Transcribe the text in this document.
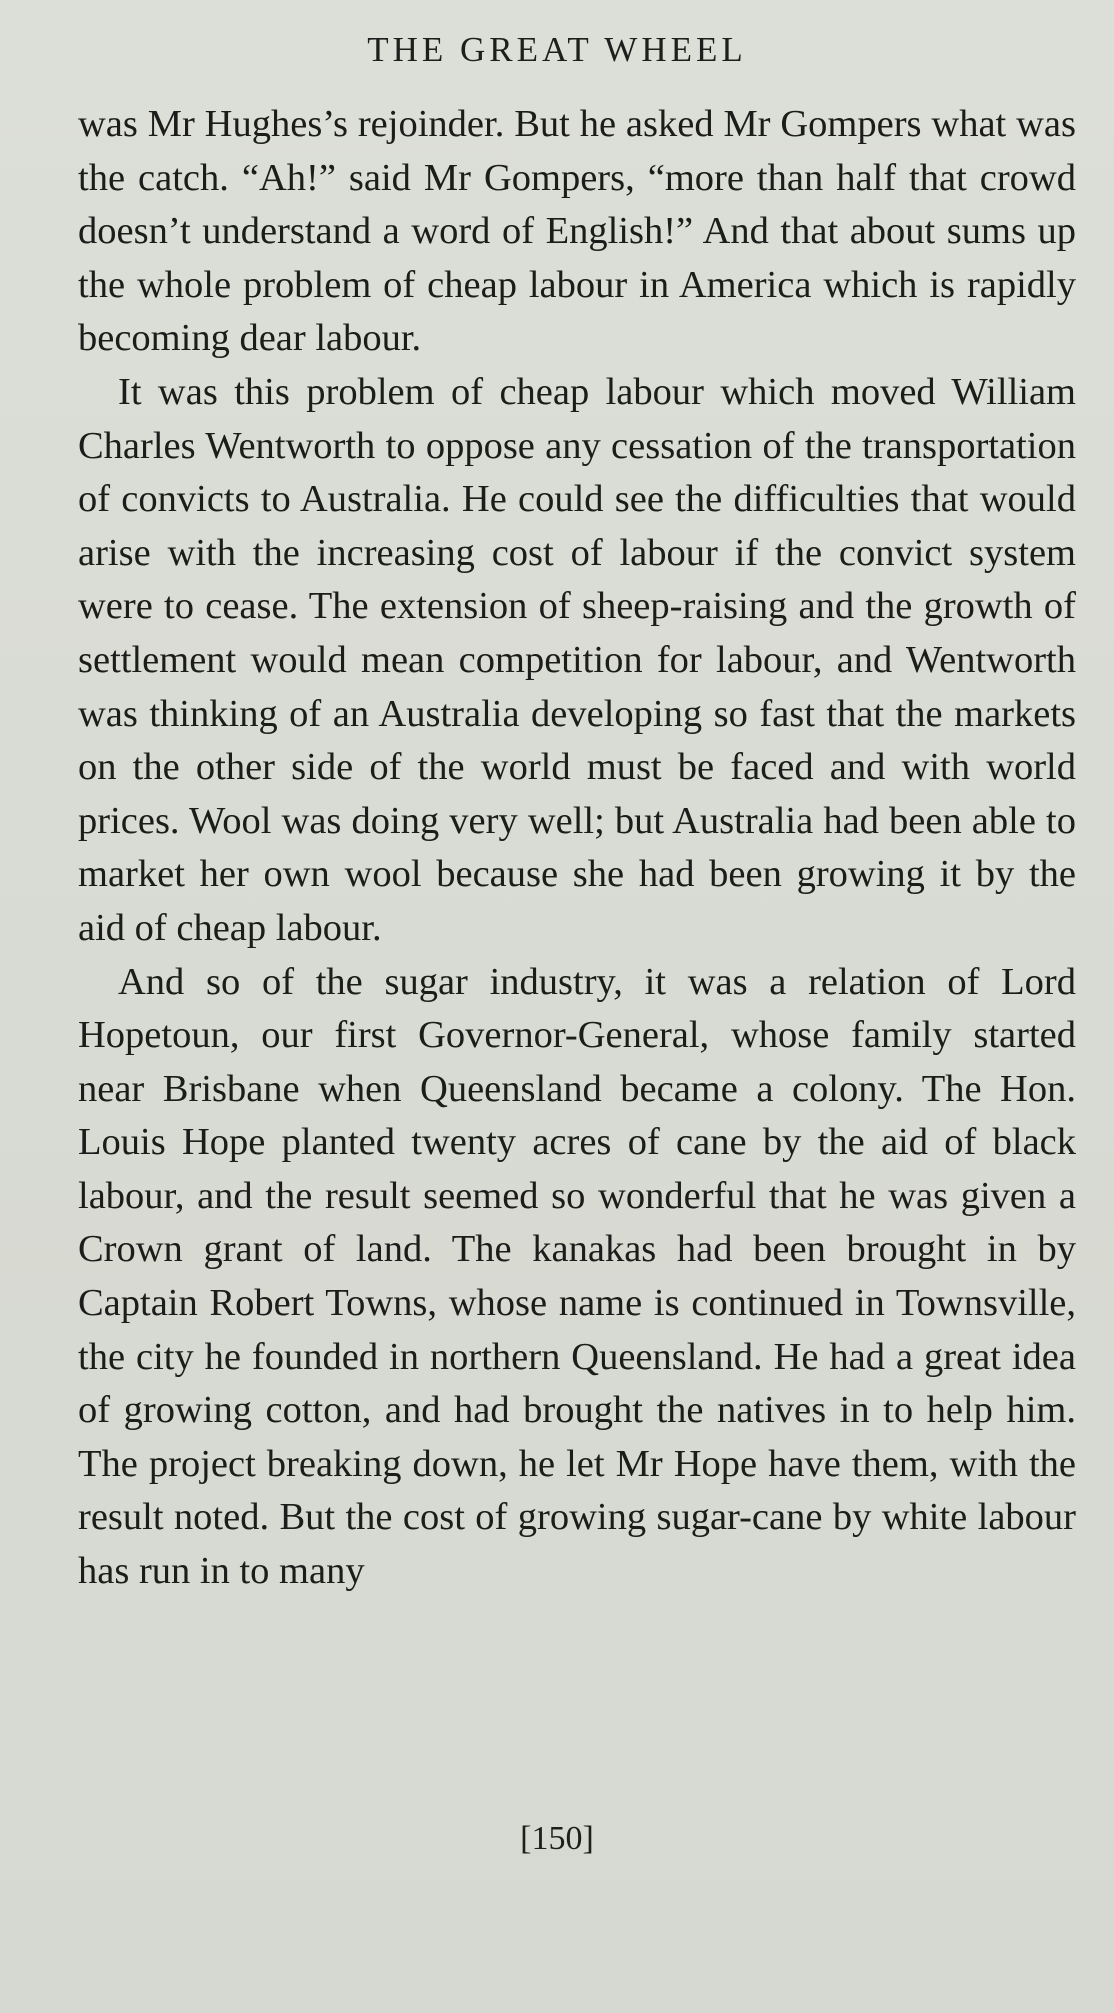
THE GREAT WHEEL

was Mr Hughes’s rejoinder. But he asked Mr Gompers what was the catch. “Ah!” said Mr Gompers, “more than half that crowd doesn’t understand a word of English!” And that about sums up the whole problem of cheap labour in America which is rapidly becoming dear labour.

It was this problem of cheap labour which moved William Charles Wentworth to oppose any cessation of the transportation of convicts to Australia. He could see the difficulties that would arise with the increasing cost of labour if the convict system were to cease. The extension of sheep-raising and the growth of settlement would mean competition for labour, and Wentworth was thinking of an Australia developing so fast that the markets on the other side of the world must be faced and with world prices. Wool was doing very well; but Australia had been able to market her own wool because she had been growing it by the aid of cheap labour.

And so of the sugar industry, it was a relation of Lord Hopetoun, our first Governor-General, whose family started near Brisbane when Queensland became a colony. The Hon. Louis Hope planted twenty acres of cane by the aid of black labour, and the result seemed so wonderful that he was given a Crown grant of land. The kanakas had been brought in by Captain Robert Towns, whose name is continued in Townsville, the city he founded in northern Queensland. He had a great idea of growing cotton, and had brought the natives in to help him. The project breaking down, he let Mr Hope have them, with the result noted. But the cost of growing sugar-cane by white labour has run in to many

[150]
